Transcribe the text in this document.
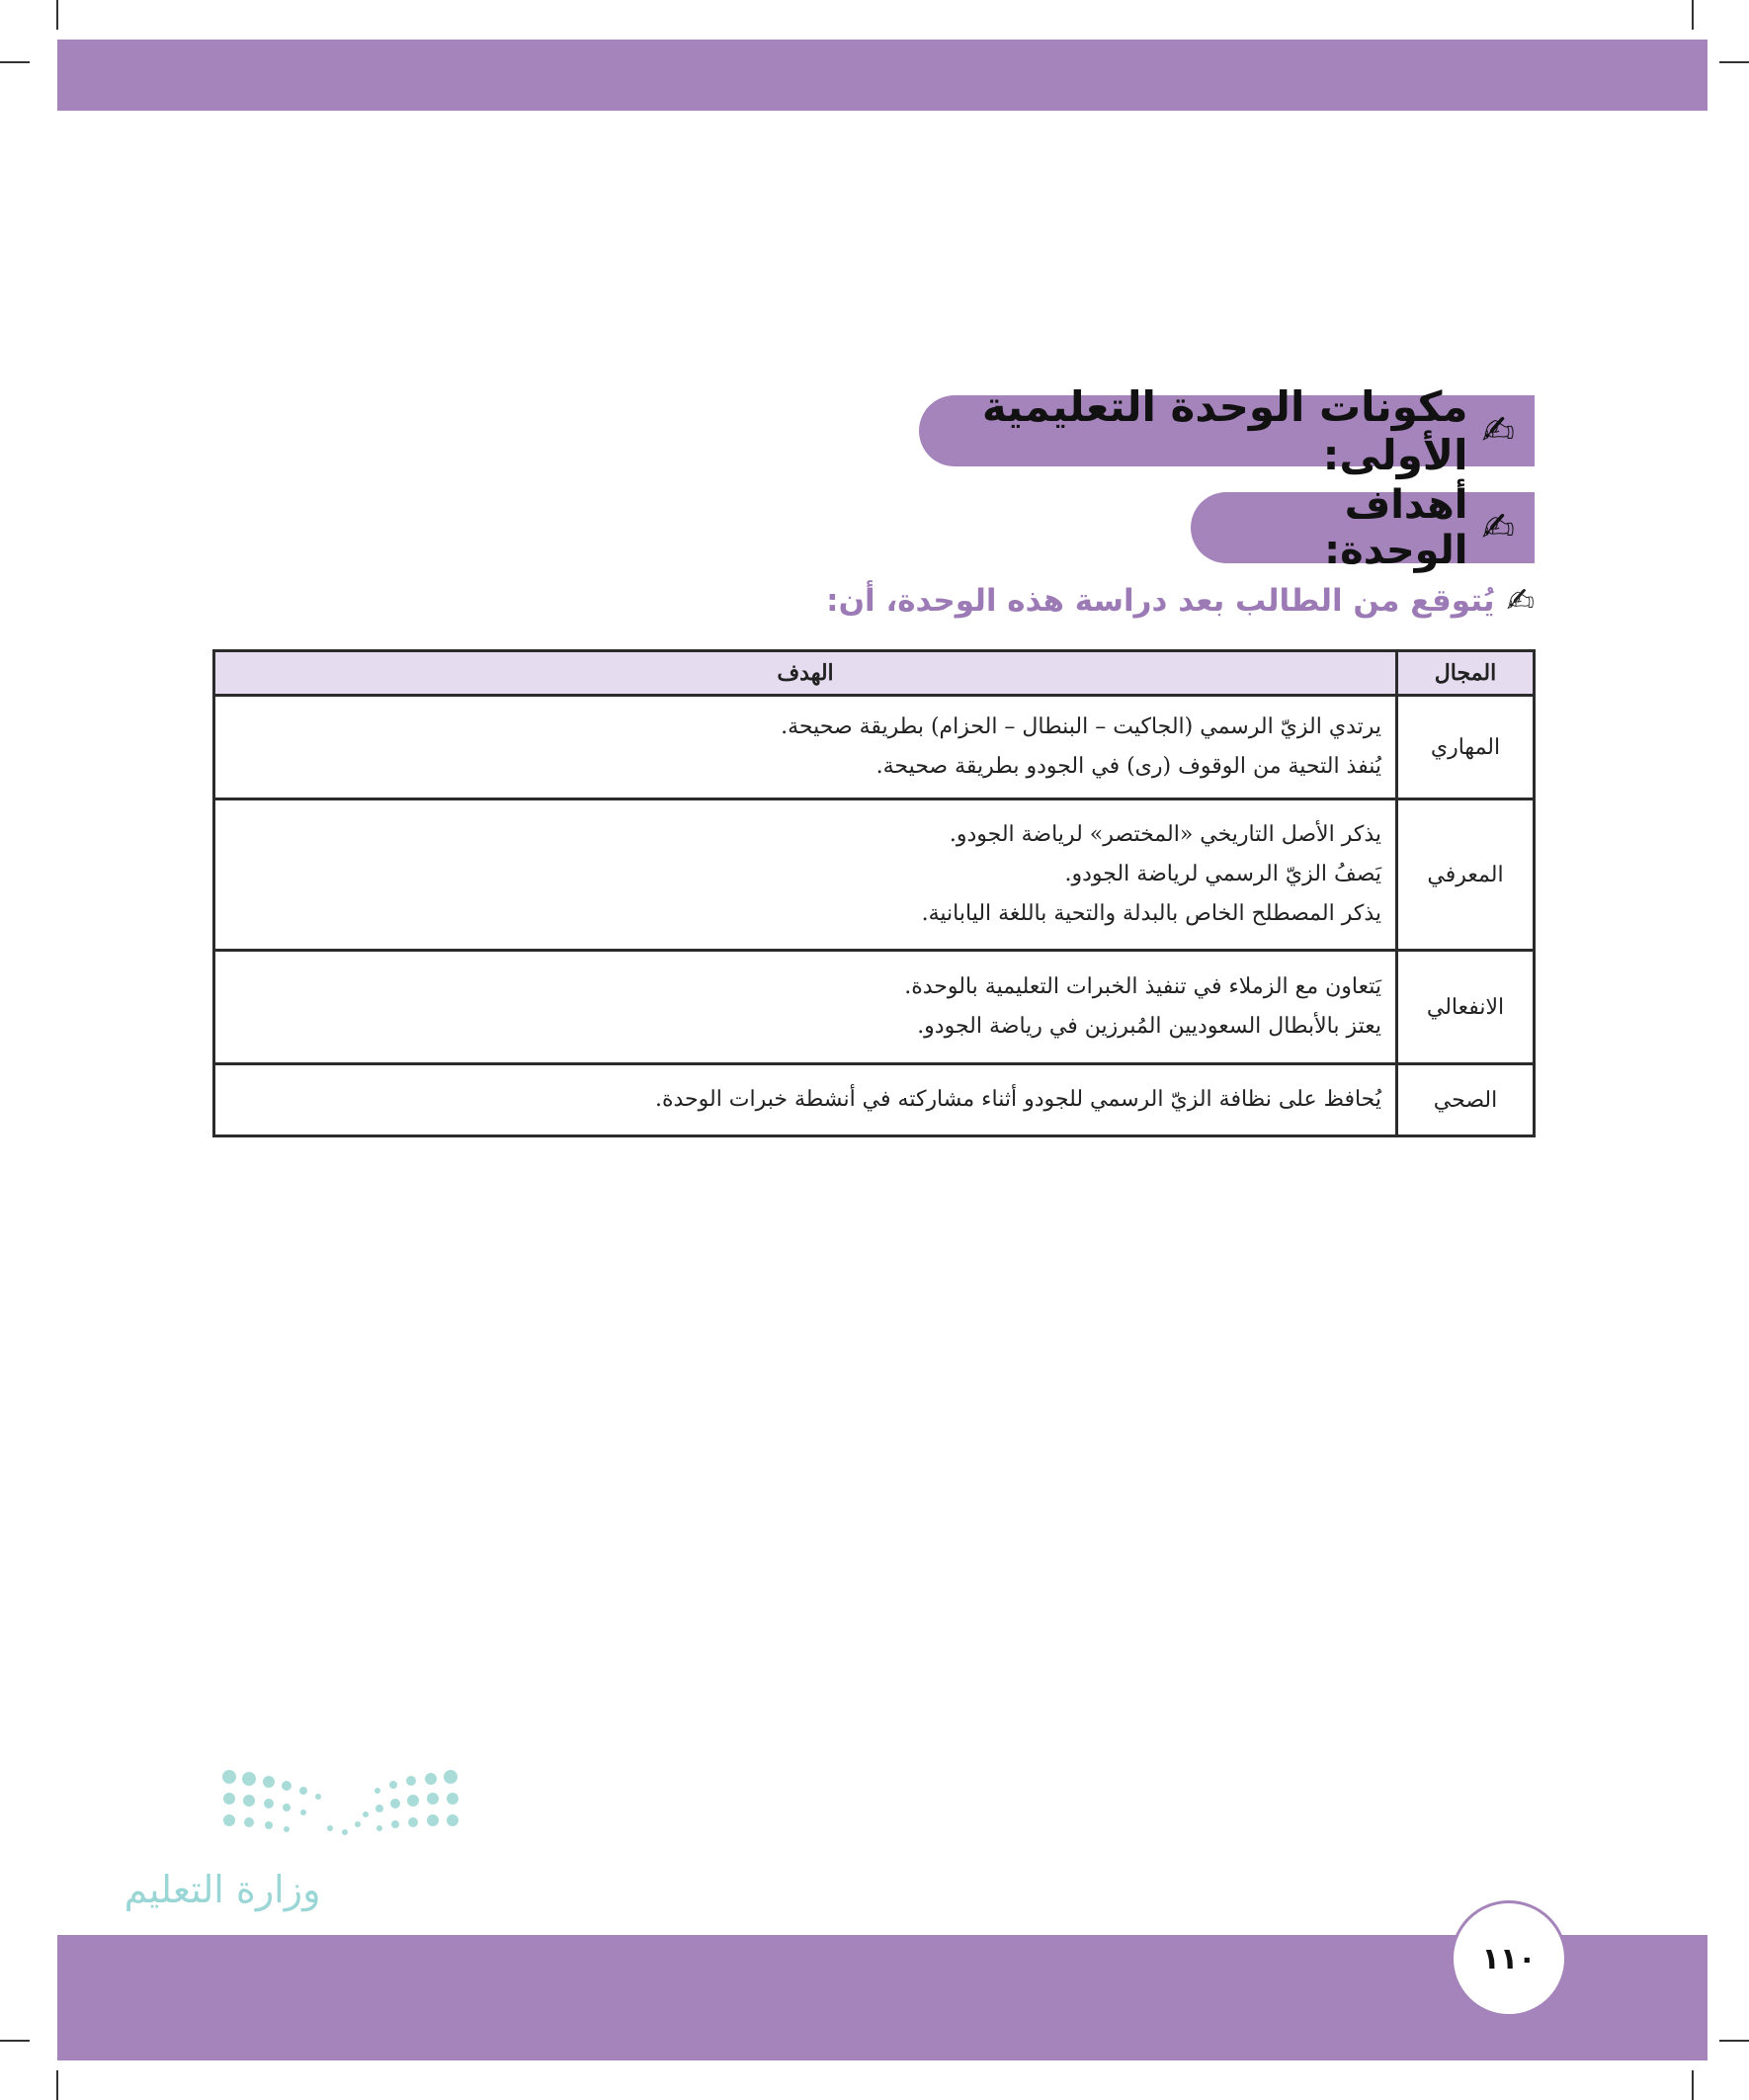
✍
مكونات الوحدة التعليمية الأولى:
✍
أهداف الوحدة:
✍
يُتوقع من الطالب بعد دراسة هذه الوحدة، أن:
المجال	الهدف
المهاري	يرتدي الزيّ الرسمي (الجاكيت – البنطال – الحزام) بطريقة صحيحة.
يُنفذ التحية من الوقوف (رى) في الجودو بطريقة صحيحة.

المعرفي	يذكر الأصل التاريخي «المختصر» لرياضة الجودو.
يَصفُ الزيّ الرسمي لرياضة الجودو.
يذكر المصطلح الخاص بالبدلة والتحية باللغة اليابانية.

الانفعالي	يَتعاون مع الزملاء في تنفيذ الخبرات التعليمية بالوحدة.
يعتز بالأبطال السعوديين المُبرزين في رياضة الجودو.

الصحي	يُحافظ على نظافة الزيّ الرسمي للجودو أثناء مشاركته في أنشطة خبرات الوحدة.
وزارة التعليم
١١٠
